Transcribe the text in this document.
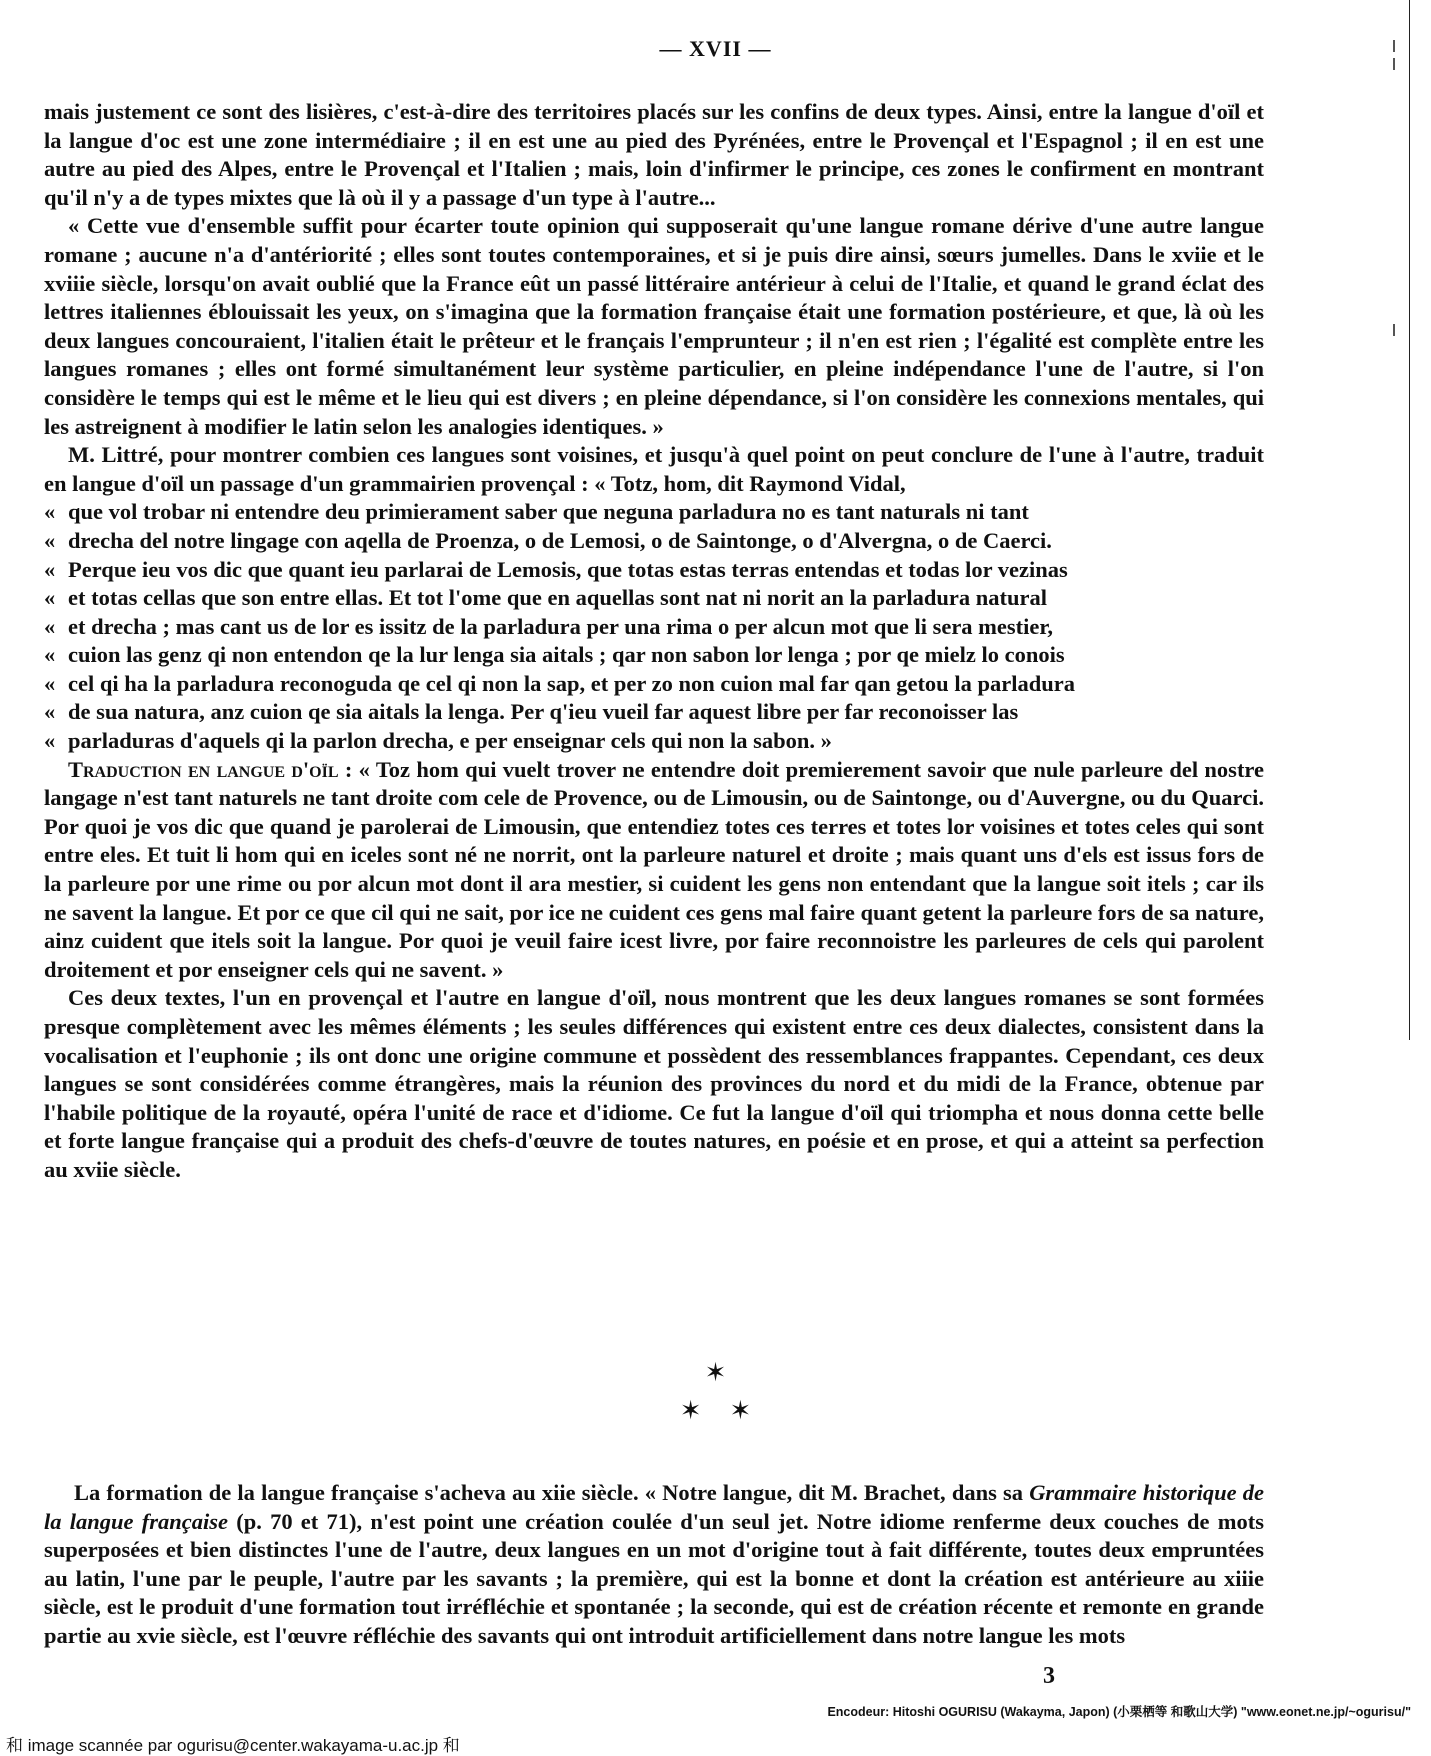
— XVII —

mais justement ce sont des lisières, c'est-à-dire des territoires placés sur les confins de deux types. Ainsi, entre la langue d'oïl et la langue d'oc est une zone intermédiaire ; il en est une au pied des Pyrénées, entre le Provençal et l'Espagnol ; il en est une autre au pied des Alpes, entre le Provençal et l'Italien ; mais, loin d'infirmer le principe, ces zones le confirment en montrant qu'il n'y a de types mixtes que là où il y a passage d'un type à l'autre...

« Cette vue d'ensemble suffit pour écarter toute opinion qui supposerait qu'une langue romane dérive d'une autre langue romane ; aucune n'a d'antériorité ; elles sont toutes contemporaines, et si je puis dire ainsi, sœurs jumelles. Dans le xviie et le xviiie siècle, lorsqu'on avait oublié que la France eût un passé littéraire antérieur à celui de l'Italie, et quand le grand éclat des lettres italiennes éblouissait les yeux, on s'imagina que la formation française était une formation postérieure, et que, là où les deux langues concouraient, l'italien était le prêteur et le français l'emprunteur ; il n'en est rien ; l'égalité est complète entre les langues romanes ; elles ont formé simultanément leur système particulier, en pleine indépendance l'une de l'autre, si l'on considère le temps qui est le même et le lieu qui est divers ; en pleine dépendance, si l'on considère les connexions mentales, qui les astreignent à modifier le latin selon les analogies identiques. »

M. Littré, pour montrer combien ces langues sont voisines, et jusqu'à quel point on peut conclure de l'une à l'autre, traduit en langue d'oïl un passage d'un grammairien provençal : « Totz, hom, dit Raymond Vidal,

« que vol trobar ni entendre deu primierament saber que neguna parladura no es tant naturals ni tant

« drecha del notre lingage con aqella de Proenza, o de Lemosi, o de Saintonge, o d'Alvergna, o de Caerci.

« Perque ieu vos dic que quant ieu parlarai de Lemosis, que totas estas terras entendas et todas lor vezinas

« et totas cellas que son entre ellas. Et tot l'ome que en aquellas sont nat ni norit an la parladura natural

« et drecha ; mas cant us de lor es issitz de la parladura per una rima o per alcun mot que li sera mestier,

« cuion las genz qi non entendon qe la lur lenga sia aitals ; qar non sabon lor lenga ; por qe mielz lo conois

« cel qi ha la parladura reconoguda qe cel qi non la sap, et per zo non cuion mal far qan getou la parladura

« de sua natura, anz cuion qe sia aitals la lenga. Per q'ieu vueil far aquest libre per far reconoisser las

« parladuras d'aquels qi la parlon drecha, e per enseignar cels qui non la sabon. »

Traduction en langue d'oïl : « Toz hom qui vuelt trover ne entendre doit premierement savoir que nule parleure del nostre langage n'est tant naturels ne tant droite com cele de Provence, ou de Limousin, ou de Saintonge, ou d'Auvergne, ou du Quarci. Por quoi je vos dic que quand je parolerai de Limousin, que entendiez totes ces terres et totes lor voisines et totes celes qui sont entre eles. Et tuit li hom qui en iceles sont né ne norrit, ont la parleure naturel et droite ; mais quant uns d'els est issus fors de la parleure por une rime ou por alcun mot dont il ara mestier, si cuident les gens non entendant que la langue soit itels ; car ils ne savent la langue. Et por ce que cil qui ne sait, por ice ne cuident ces gens mal faire quant getent la parleure fors de sa nature, ainz cuident que itels soit la langue. Por quoi je veuil faire icest livre, por faire reconnoistre les parleures de cels qui parolent droitement et por enseigner cels qui ne savent. »

Ces deux textes, l'un en provençal et l'autre en langue d'oïl, nous montrent que les deux langues romanes se sont formées presque complètement avec les mêmes éléments ; les seules différences qui existent entre ces deux dialectes, consistent dans la vocalisation et l'euphonie ; ils ont donc une origine commune et possèdent des ressemblances frappantes. Cependant, ces deux langues se sont considérées comme étrangères, mais la réunion des provinces du nord et du midi de la France, obtenue par l'habile politique de la royauté, opéra l'unité de race et d'idiome. Ce fut la langue d'oïl qui triompha et nous donna cette belle et forte langue française qui a produit des chefs-d'œuvre de toutes natures, en poésie et en prose, et qui a atteint sa perfection au xviie siècle.

✶
✶ ✶

La formation de la langue française s'acheva au xiie siècle. « Notre langue, dit M. Brachet, dans sa Grammaire historique de la langue française (p. 70 et 71), n'est point une création coulée d'un seul jet. Notre idiome renferme deux couches de mots superposées et bien distinctes l'une de l'autre, deux langues en un mot d'origine tout à fait différente, toutes deux empruntées au latin, l'une par le peuple, l'autre par les savants ; la première, qui est la bonne et dont la création est antérieure au xiiie siècle, est le produit d'une formation tout irréfléchie et spontanée ; la seconde, qui est de création récente et remonte en grande partie au xvie siècle, est l'œuvre réfléchie des savants qui ont introduit artificiellement dans notre langue les mots

3
Encodeur: Hitoshi OGURISU (Wakayma, Japon) (小栗栖等 和歌山大学) "www.eonet.ne.jp/~ogurisu/"
和 image scannée par ogurisu@center.wakayama-u.ac.jp 和
